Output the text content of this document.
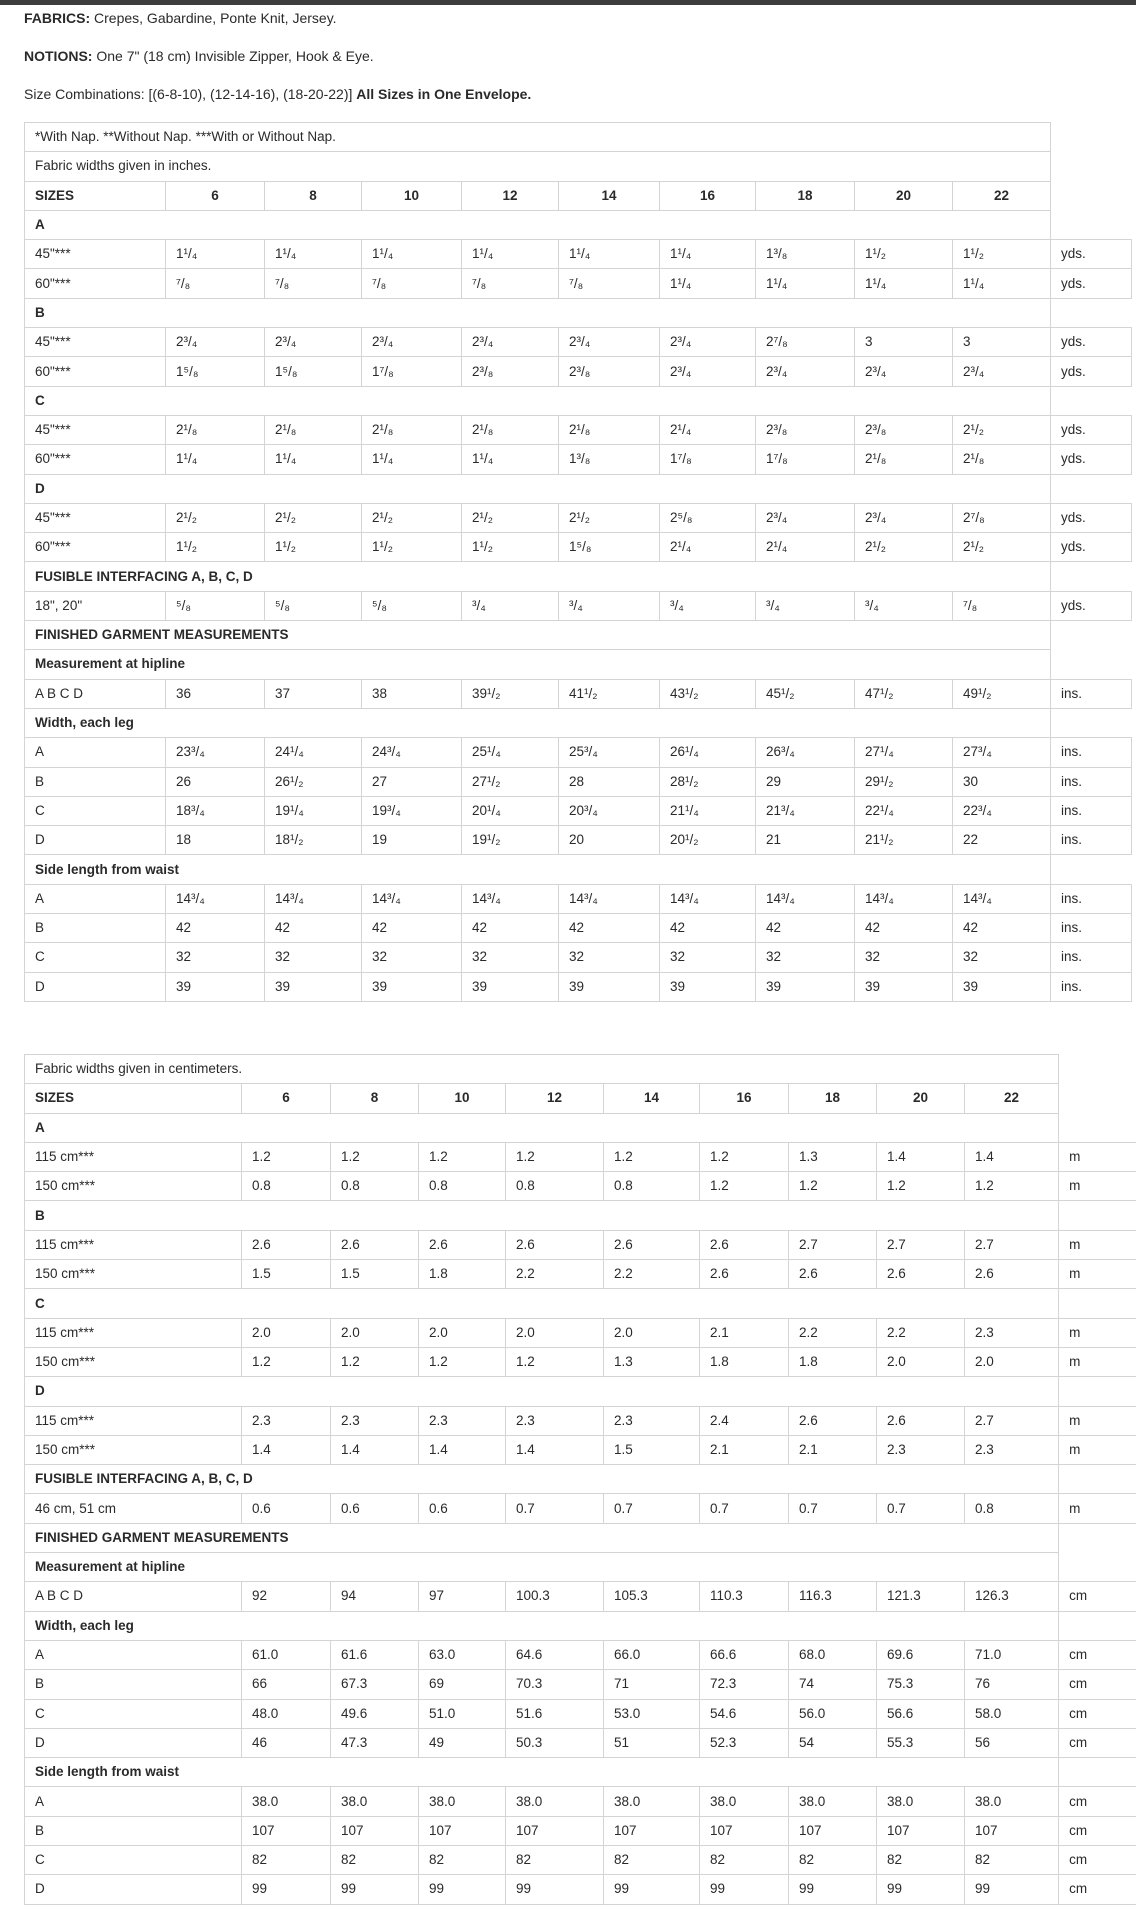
FABRICS: Crepes, Gabardine, Ponte Knit, Jersey.
NOTIONS: One 7" (18 cm) Invisible Zipper, Hook & Eye.
Size Combinations: [(6-8-10), (12-14-16), (18-20-22)] All Sizes in One Envelope.
*With Nap. **Without Nap. ***With or Without Nap.										
Fabric widths given in inches.										
SIZES	6	8	10	12	14	16	18	20	22	
A										
45"***	1¹/₄	1¹/₄	1¹/₄	1¹/₄	1¹/₄	1¹/₄	1³/₈	1¹/₂	1¹/₂	yds.
60"***	⁷/₈	⁷/₈	⁷/₈	⁷/₈	⁷/₈	1¹/₄	1¹/₄	1¹/₄	1¹/₄	yds.
B										
45"***	2³/₄	2³/₄	2³/₄	2³/₄	2³/₄	2³/₄	2⁷/₈	3	3	yds.
60"***	1⁵/₈	1⁵/₈	1⁷/₈	2³/₈	2³/₈	2³/₄	2³/₄	2³/₄	2³/₄	yds.
C										
45"***	2¹/₈	2¹/₈	2¹/₈	2¹/₈	2¹/₈	2¹/₄	2³/₈	2³/₈	2¹/₂	yds.
60"***	1¹/₄	1¹/₄	1¹/₄	1¹/₄	1³/₈	1⁷/₈	1⁷/₈	2¹/₈	2¹/₈	yds.
D										
45"***	2¹/₂	2¹/₂	2¹/₂	2¹/₂	2¹/₂	2⁵/₈	2³/₄	2³/₄	2⁷/₈	yds.
60"***	1¹/₂	1¹/₂	1¹/₂	1¹/₂	1⁵/₈	2¹/₄	2¹/₄	2¹/₂	2¹/₂	yds.
FUSIBLE INTERFACING A, B, C, D										
18", 20"	⁵/₈	⁵/₈	⁵/₈	³/₄	³/₄	³/₄	³/₄	³/₄	⁷/₈	yds.
FINISHED GARMENT MEASUREMENTS										
Measurement at hipline										
A B C D	36	37	38	39¹/₂	41¹/₂	43¹/₂	45¹/₂	47¹/₂	49¹/₂	ins.
Width, each leg										
A	23³/₄	24¹/₄	24³/₄	25¹/₄	25³/₄	26¹/₄	26³/₄	27¹/₄	27³/₄	ins.
B	26	26¹/₂	27	27¹/₂	28	28¹/₂	29	29¹/₂	30	ins.
C	18³/₄	19¹/₄	19³/₄	20¹/₄	20³/₄	21¹/₄	21³/₄	22¹/₄	22³/₄	ins.
D	18	18¹/₂	19	19¹/₂	20	20¹/₂	21	21¹/₂	22	ins.
Side length from waist										
A	14³/₄	14³/₄	14³/₄	14³/₄	14³/₄	14³/₄	14³/₄	14³/₄	14³/₄	ins.
B	42	42	42	42	42	42	42	42	42	ins.
C	32	32	32	32	32	32	32	32	32	ins.
D	39	39	39	39	39	39	39	39	39	ins.
Fabric widths given in centimeters.										
SIZES	6	8	10	12	14	16	18	20	22	
A										
115 cm***	1.2	1.2	1.2	1.2	1.2	1.2	1.3	1.4	1.4	m
150 cm***	0.8	0.8	0.8	0.8	0.8	1.2	1.2	1.2	1.2	m
B										
115 cm***	2.6	2.6	2.6	2.6	2.6	2.6	2.7	2.7	2.7	m
150 cm***	1.5	1.5	1.8	2.2	2.2	2.6	2.6	2.6	2.6	m
C										
115 cm***	2.0	2.0	2.0	2.0	2.0	2.1	2.2	2.2	2.3	m
150 cm***	1.2	1.2	1.2	1.2	1.3	1.8	1.8	2.0	2.0	m
D										
115 cm***	2.3	2.3	2.3	2.3	2.3	2.4	2.6	2.6	2.7	m
150 cm***	1.4	1.4	1.4	1.4	1.5	2.1	2.1	2.3	2.3	m
FUSIBLE INTERFACING A, B, C, D										
46 cm, 51 cm	0.6	0.6	0.6	0.7	0.7	0.7	0.7	0.7	0.8	m
FINISHED GARMENT MEASUREMENTS										
Measurement at hipline										
A B C D	92	94	97	100.3	105.3	110.3	116.3	121.3	126.3	cm
Width, each leg										
A	61.0	61.6	63.0	64.6	66.0	66.6	68.0	69.6	71.0	cm
B	66	67.3	69	70.3	71	72.3	74	75.3	76	cm
C	48.0	49.6	51.0	51.6	53.0	54.6	56.0	56.6	58.0	cm
D	46	47.3	49	50.3	51	52.3	54	55.3	56	cm
Side length from waist										
A	38.0	38.0	38.0	38.0	38.0	38.0	38.0	38.0	38.0	cm
B	107	107	107	107	107	107	107	107	107	cm
C	82	82	82	82	82	82	82	82	82	cm
D	99	99	99	99	99	99	99	99	99	cm
